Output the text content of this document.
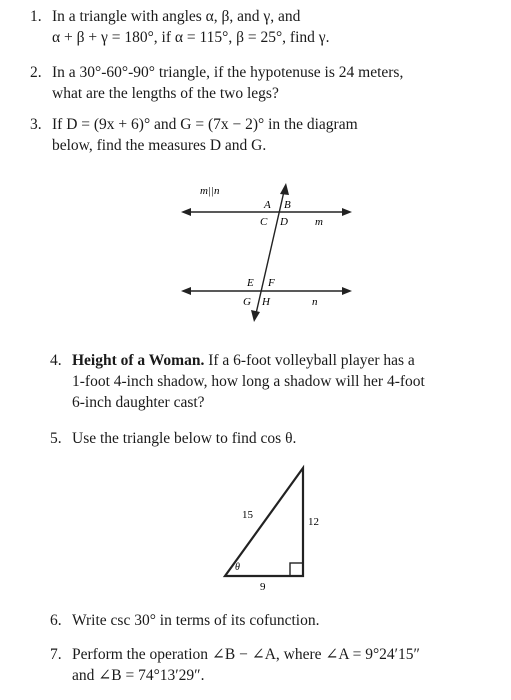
1. In a triangle with angles α, β, and γ, and
α + β + γ = 180°, if α = 115°, β = 25°, find γ.
2. In a 30°-60°-90° triangle, if the hypotenuse is 24 meters,
what are the lengths of the two legs?
3. If D = (9x + 6)° and G = (7x − 2)° in the diagram
below, find the measures D and G.
m||n
A B
C D m
E F
G H	n
4. Height of a Woman. If a 6-foot volleyball player has a
1-foot 4-inch shadow, how long a shadow will her 4-foot
6-inch daughter cast?
5. Use the triangle below to find cos θ.
15
12
9
θ
6. Write csc 30° in terms of its cofunction.
7. Perform the operation ∠B − ∠A, where ∠A = 9°24′15″
and ∠B = 74°13′29″.
